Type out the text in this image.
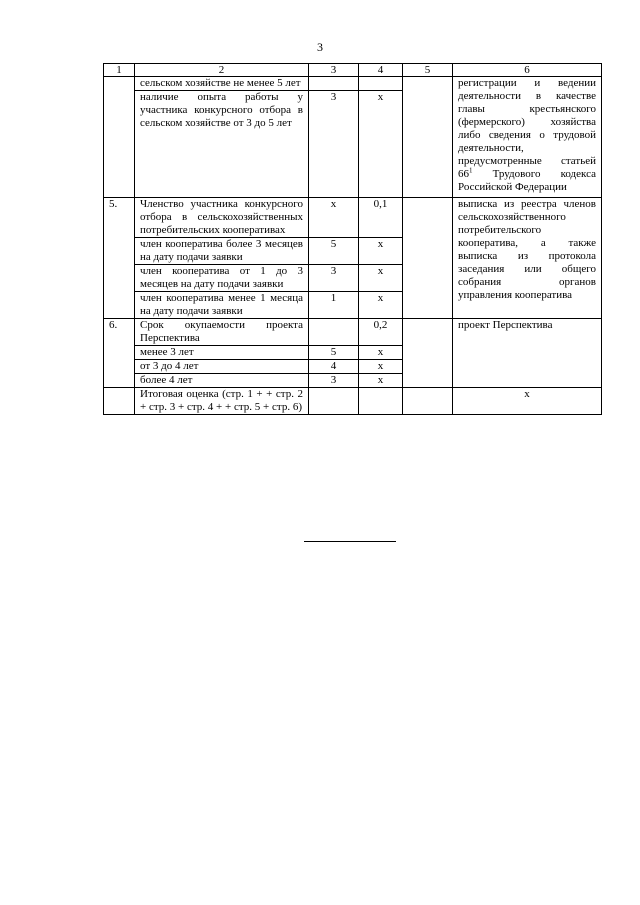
3
1	2	3	4	5	6
	сельском хозяйстве не менее 5 лет				регистрации и ведении деятельности в качестве главы крестьянского (фермерского) хозяйства либо сведения о трудовой деятельности, предусмотренные статьей $66^1$ Трудового кодекса Российской Федерации
	наличие опыта работы у участника конкурсного отбора в сельском хозяйстве от 3 до 5 лет	3	х		
5.	Членство участника конкурсного отбора в сельскохозяйственных потребительских кооперативах	х	0,1		выписка из реестра членов сельскохозяйственного потребительского кооператива, а также выписка из протокола заседания или общего собрания органов управления кооператива
	член кооператива более 3 месяцев на дату подачи заявки	5	х		
	член кооператива от 1 до 3 месяцев на дату подачи заявки	3	х		
	член кооператива менее 1 месяца на дату подачи заявки	1	х		
6.	Срок окупаемости проекта Перспектива		0,2		проект Перспектива
	менее 3 лет	5	х		
	от 3 до 4 лет	4	х		
	более 4 лет	3	х		
	Итоговая оценка (стр. 1 + + стр. 2 + стр. 3 + стр. 4 + + стр. 5 + стр. 6)				х
